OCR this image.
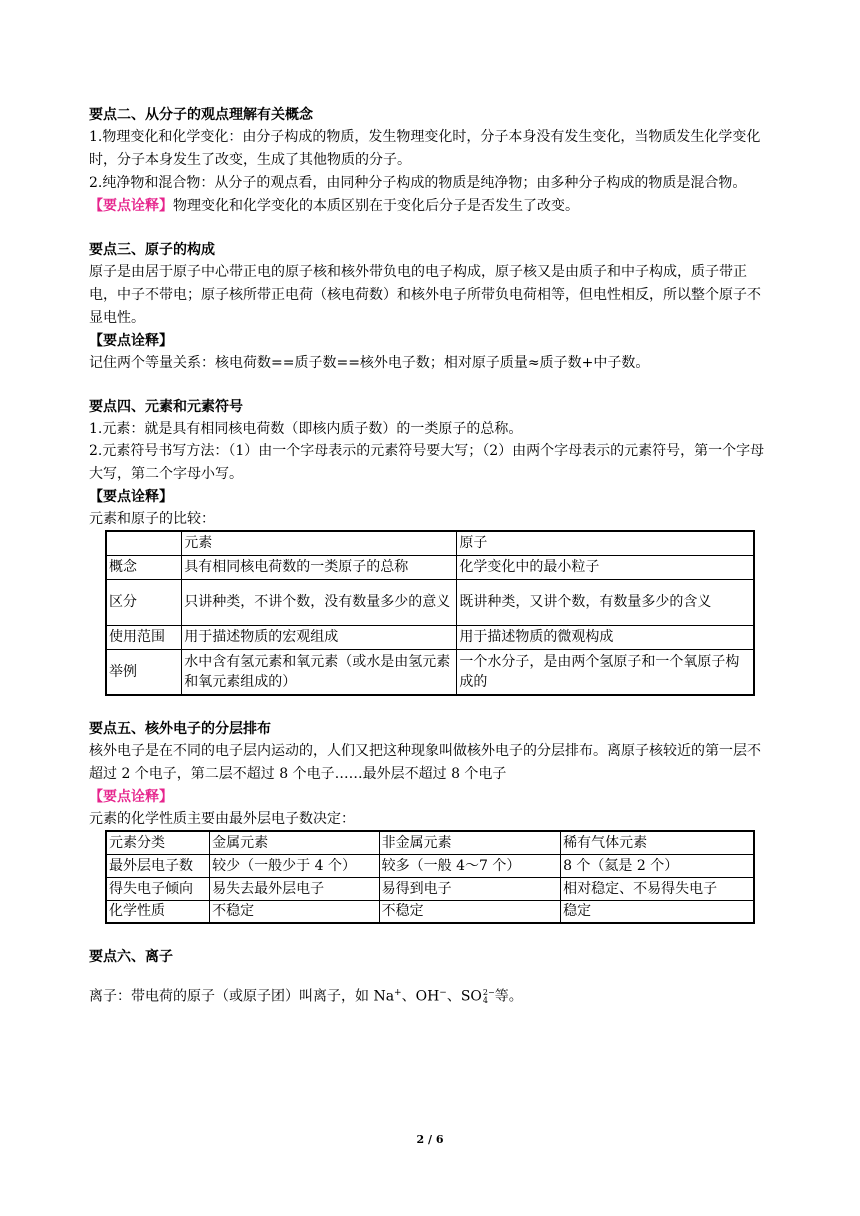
要点二、从分子的观点理解有关概念
1.物理变化和化学变化：由分子构成的物质，发生物理变化时，分子本身没有发生变化，当物质发生化学变化时，分子本身发生了改变，生成了其他物质的分子。
2.纯净物和混合物：从分子的观点看，由同种分子构成的物质是纯净物；由多种分子构成的物质是混合物。
【要点诠释】物理变化和化学变化的本质区别在于变化后分子是否发生了改变。
要点三、原子的构成
原子是由居于原子中心带正电的原子核和核外带负电的电子构成，原子核又是由质子和中子构成，质子带正电，中子不带电；原子核所带正电荷（核电荷数）和核外电子所带负电荷相等，但电性相反，所以整个原子不显电性。
【要点诠释】
记住两个等量关系：核电荷数==质子数==核外电子数；相对原子质量≈质子数+中子数。
要点四、元素和元素符号
1.元素：就是具有相同核电荷数（即核内质子数）的一类原子的总称。
2.元素符号书写方法：（1）由一个字母表示的元素符号要大写；（2）由两个字母表示的元素符号，第一个字母大写，第二个字母小写。
【要点诠释】
元素和原子的比较：
	元素	原子
概念	具有相同核电荷数的一类原子的总称	化学变化中的最小粒子
区分	只讲种类，不讲个数，没有数量多少的意义	既讲种类，又讲个数，有数量多少的含义
使用范围	用于描述物质的宏观组成	用于描述物质的微观构成
举例	水中含有氢元素和氧元素（或水是由氢元素和氧元素组成的）	一个水分子，是由两个氢原子和一个氧原子构成的
要点五、核外电子的分层排布
核外电子是在不同的电子层内运动的，人们又把这种现象叫做核外电子的分层排布。离原子核较近的第一层不超过 2 个电子，第二层不超过 8 个电子……最外层不超过 8 个电子
【要点诠释】
元素的化学性质主要由最外层电子数决定：
元素分类	金属元素	非金属元素	稀有气体元素
最外层电子数	较少（一般少于 4 个）	较多（一般 4～7 个）	8 个（氦是 2 个）
得失电子倾向	易失去最外层电子	易得到电子	相对稳定、不易得失电子
化学性质	不稳定	不稳定	稳定
要点六、离子
离子：带电荷的原子（或原子团）叫离子，如 Na+、OH−、SO 2−
4 等。
2 / 6
